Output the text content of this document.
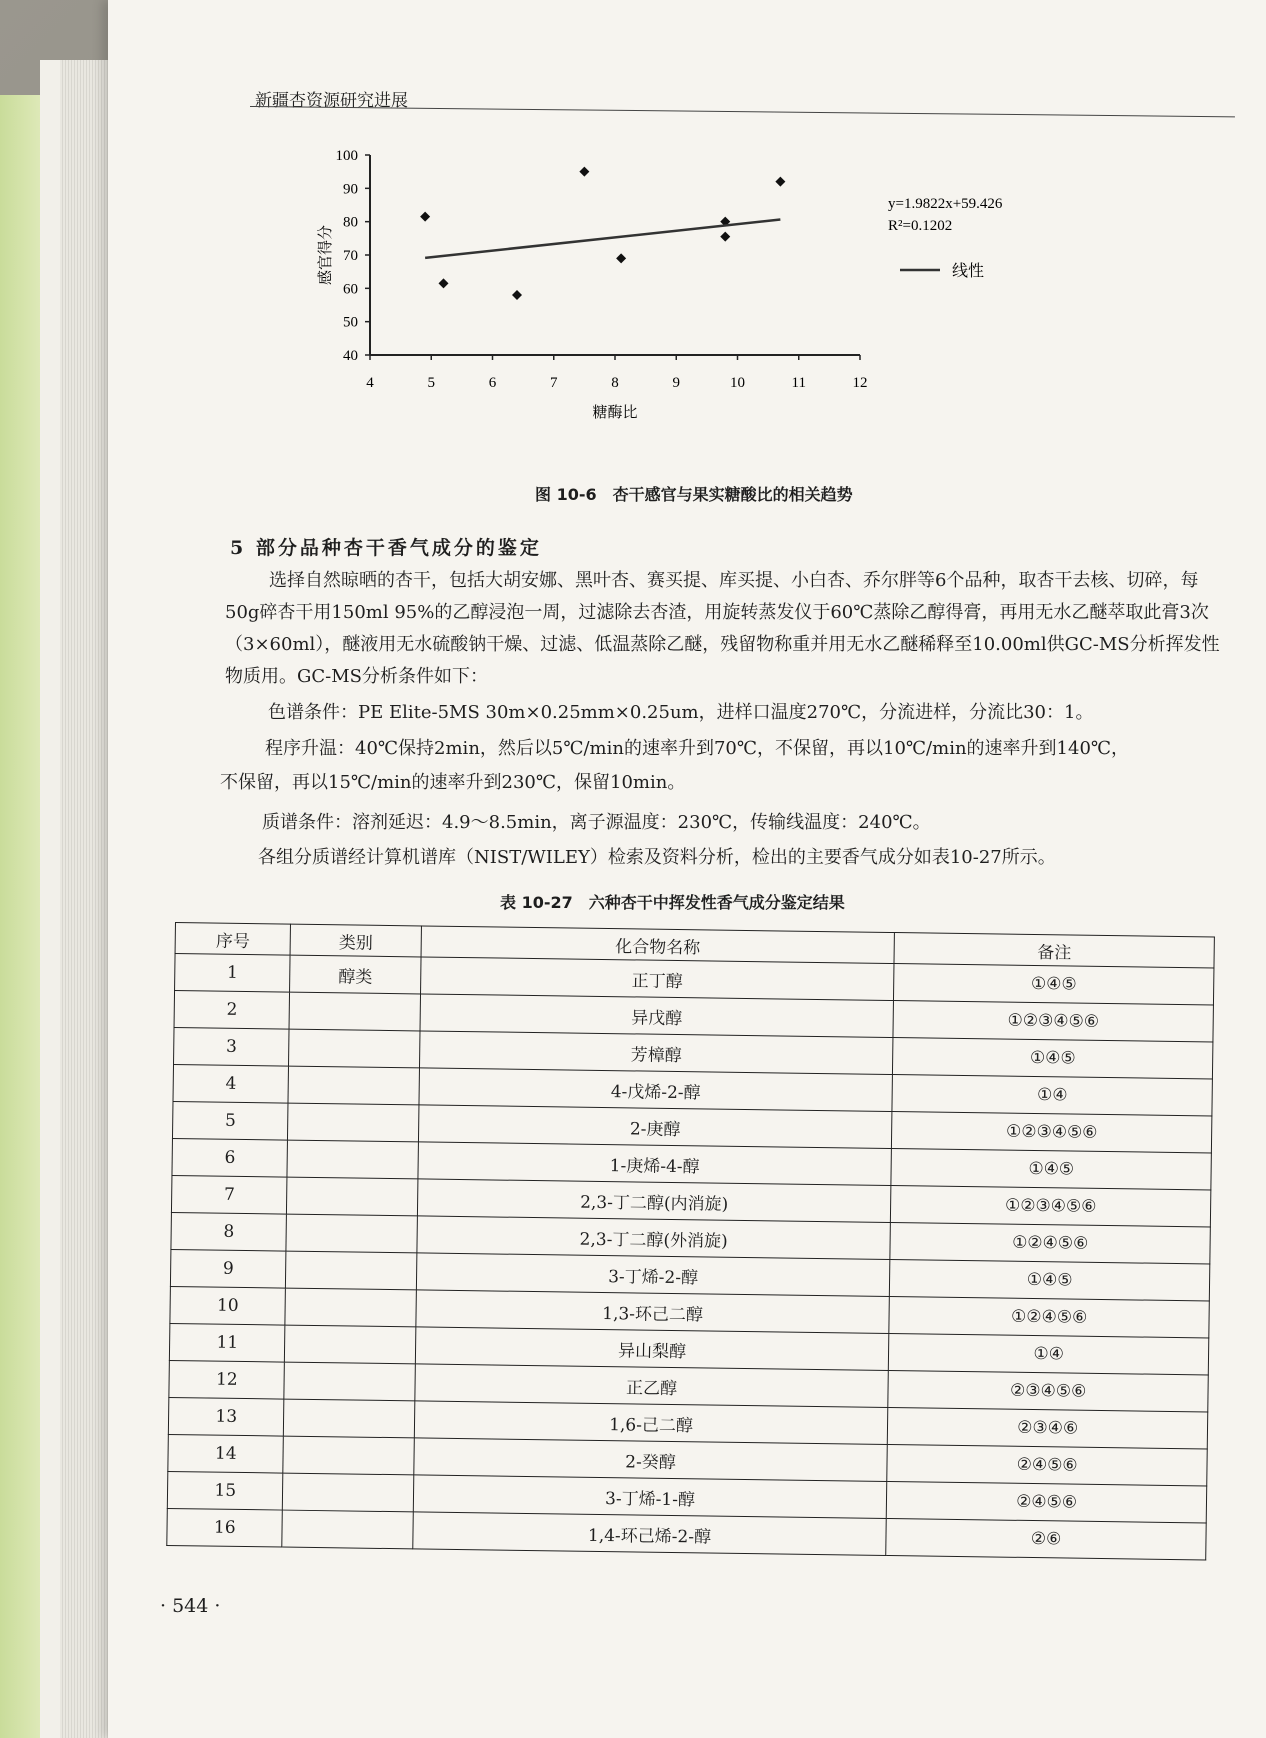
新疆杏资源研究进展
40
50
60
70
80
90
100
4	5	6	7	8	9	10	11	12
糖酶比
感官得分
y=1.9822x+59.426
R²=0.1202
线性
图 10-6　杏干感官与果实糖酸比的相关趋势
5 部分品种杏干香气成分的鉴定
选择自然晾晒的杏干，包括大胡安娜、黑叶杏、赛买提、库买提、小白杏、乔尔胖等6个品种，取杏干去核、切碎，每50g碎杏干用150ml 95%的乙醇浸泡一周，过滤除去杏渣，用旋转蒸发仪于60℃蒸除乙醇得膏，再用无水乙醚萃取此膏3次（3×60ml），醚液用无水硫酸钠干燥、过滤、低温蒸除乙醚，残留物称重并用无水乙醚稀释至10.00ml供GC-MS分析挥发性物质用。GC-MS分析条件如下：
色谱条件：PE Elite-5MS 30m×0.25mm×0.25um，进样口温度270℃，分流进样，分流比30：1。
程序升温：40℃保持2min，然后以5℃/min的速率升到70℃，不保留，再以10℃/min的速率升到140℃，
不保留，再以15℃/min的速率升到230℃，保留10min。
质谱条件：溶剂延迟：4.9～8.5min，离子源温度：230℃，传输线温度：240℃。
各组分质谱经计算机谱库（NIST/WILEY）检索及资料分析，检出的主要香气成分如表10-27所示。
表 10-27　六种杏干中挥发性香气成分鉴定结果
序号	类别	化合物名称	备注
1	醇类	正丁醇	①④⑤
2		异戊醇	①②③④⑤⑥
3		芳樟醇	①④⑤
4		4-戊烯-2-醇	①④
5		2-庚醇	①②③④⑤⑥
6		1-庚烯-4-醇	①④⑤
7		2,3-丁二醇(内消旋)	①②③④⑤⑥
8		2,3-丁二醇(外消旋)	①②④⑤⑥
9		3-丁烯-2-醇	①④⑤
10		1,3-环己二醇	①②④⑤⑥
11		异山梨醇	①④
12		正乙醇	②③④⑤⑥
13		1,6-己二醇	②③④⑥
14		2-癸醇	②④⑤⑥
15		3-丁烯-1-醇	②④⑤⑥
16		1,4-环己烯-2-醇	②⑥
· 544 ·
